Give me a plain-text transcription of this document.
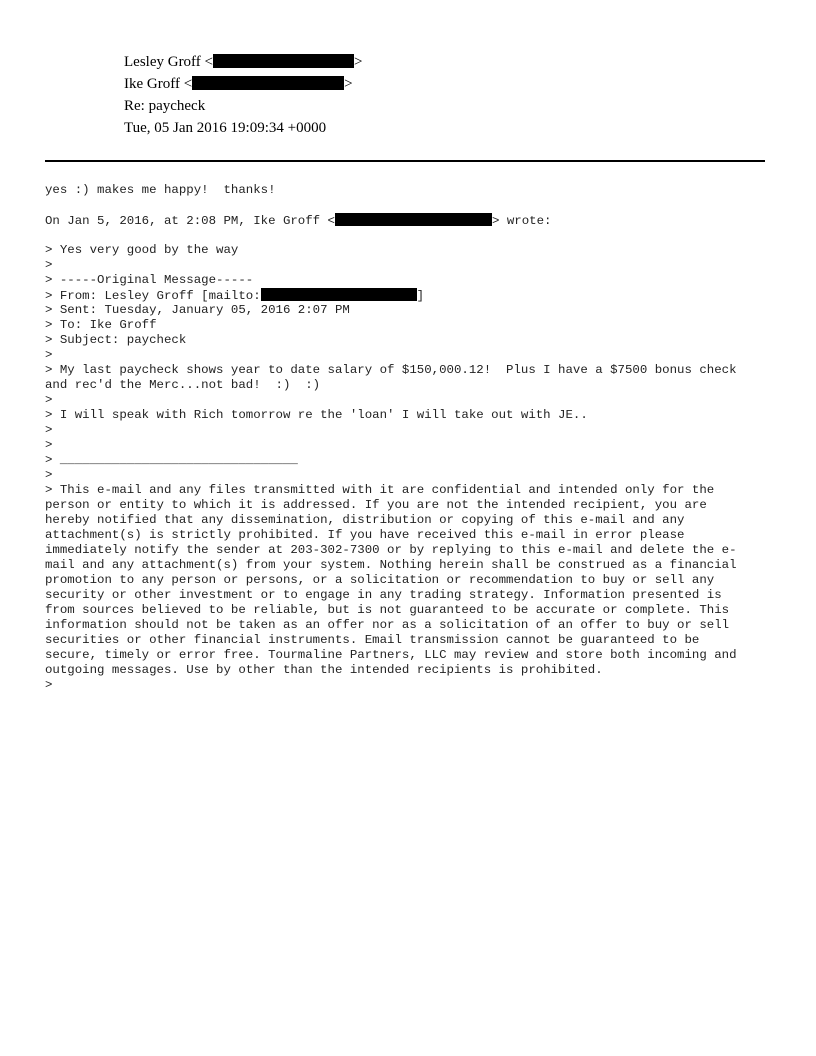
Lesley Groff <	>
Ike Groff <	>
Re: paycheck
Tue, 05 Jan 2016 19:09:34 +0000
yes :) makes me happy!  thanks!
On Jan 5, 2016, at 2:08 PM, Ike Groff <	> wrote:
> Yes very good by the way
>
> -----Original Message-----
> From: Lesley Groff [mailto:	]
> Sent: Tuesday, January 05, 2016 2:07 PM
> To: Ike Groff
> Subject: paycheck
>
> My last paycheck shows year to date salary of $150,000.12!  Plus I have a $7500 bonus check
and rec'd the Merc...not bad!  :)  :)
>
> I will speak with Rich tomorrow re the 'loan' I will take out with JE..
>
>
> ________________________________
>
> This e-mail and any files transmitted with it are confidential and intended only for the
person or entity to which it is addressed. If you are not the intended recipient, you are
hereby notified that any dissemination, distribution or copying of this e-mail and any
attachment(s) is strictly prohibited. If you have received this e-mail in error please
immediately notify the sender at 203-302-7300 or by replying to this e-mail and delete the e-
mail and any attachment(s) from your system. Nothing herein shall be construed as a financial
promotion to any person or persons, or a solicitation or recommendation to buy or sell any
security or other investment or to engage in any trading strategy. Information presented is
from sources believed to be reliable, but is not guaranteed to be accurate or complete. This
information should not be taken as an offer nor as a solicitation of an offer to buy or sell
securities or other financial instruments. Email transmission cannot be guaranteed to be
secure, timely or error free. Tourmaline Partners, LLC may review and store both incoming and
outgoing messages. Use by other than the intended recipients is prohibited.
>
